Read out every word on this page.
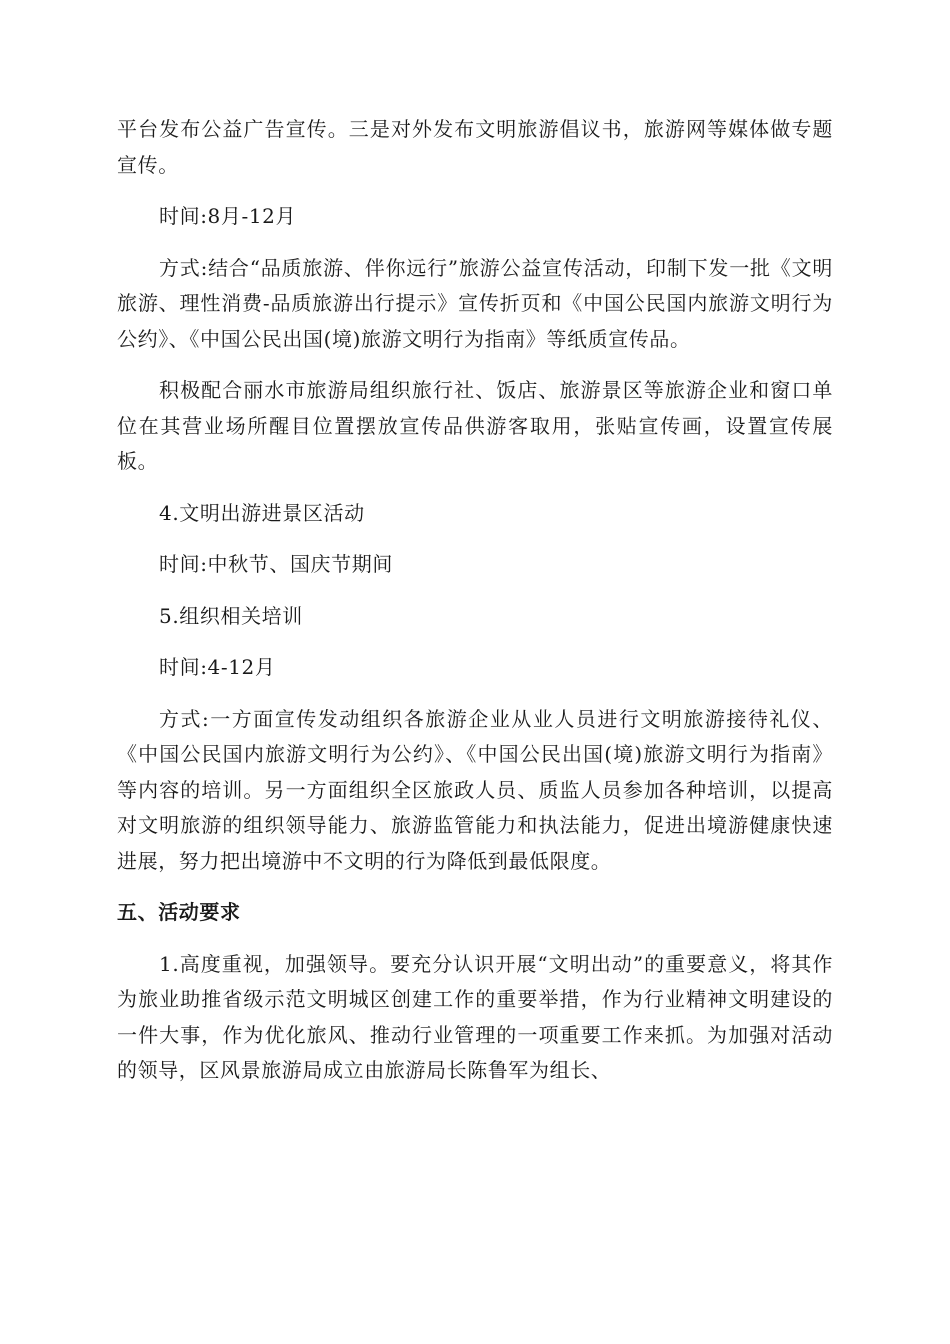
平台发布公益广告宣传。三是对外发布文明旅游倡议书，旅游网等媒体做专题宣传。

时间:8月-12月

方式:结合“品质旅游、伴你远行”旅游公益宣传活动，印制下发一批《文明旅游、理性消费-品质旅游出行提示》宣传折页和《中国公民国内旅游文明行为公约》、《中国公民出国(境)旅游文明行为指南》等纸质宣传品。

积极配合丽水市旅游局组织旅行社、饭店、旅游景区等旅游企业和窗口单位在其营业场所醒目位置摆放宣传品供游客取用，张贴宣传画，设置宣传展板。

4.文明出游进景区活动

时间:中秋节、国庆节期间

5.组织相关培训

时间:4-12月

方式:一方面宣传发动组织各旅游企业从业人员进行文明旅游接待礼仪、《中国公民国内旅游文明行为公约》、《中国公民出国(境)旅游文明行为指南》等内容的培训。另一方面组织全区旅政人员、质监人员参加各种培训，以提高对文明旅游的组织领导能力、旅游监管能力和执法能力，促进出境游健康快速进展，努力把出境游中不文明的行为降低到最低限度。

五、活动要求

1.高度重视，加强领导。要充分认识开展“文明出动”的重要意义，将其作为旅业助推省级示范文明城区创建工作的重要举措，作为行业精神文明建设的一件大事，作为优化旅风、推动行业管理的一项重要工作来抓。为加强对活动的领导，区风景旅游局成立由旅游局长陈鲁军为组长、
